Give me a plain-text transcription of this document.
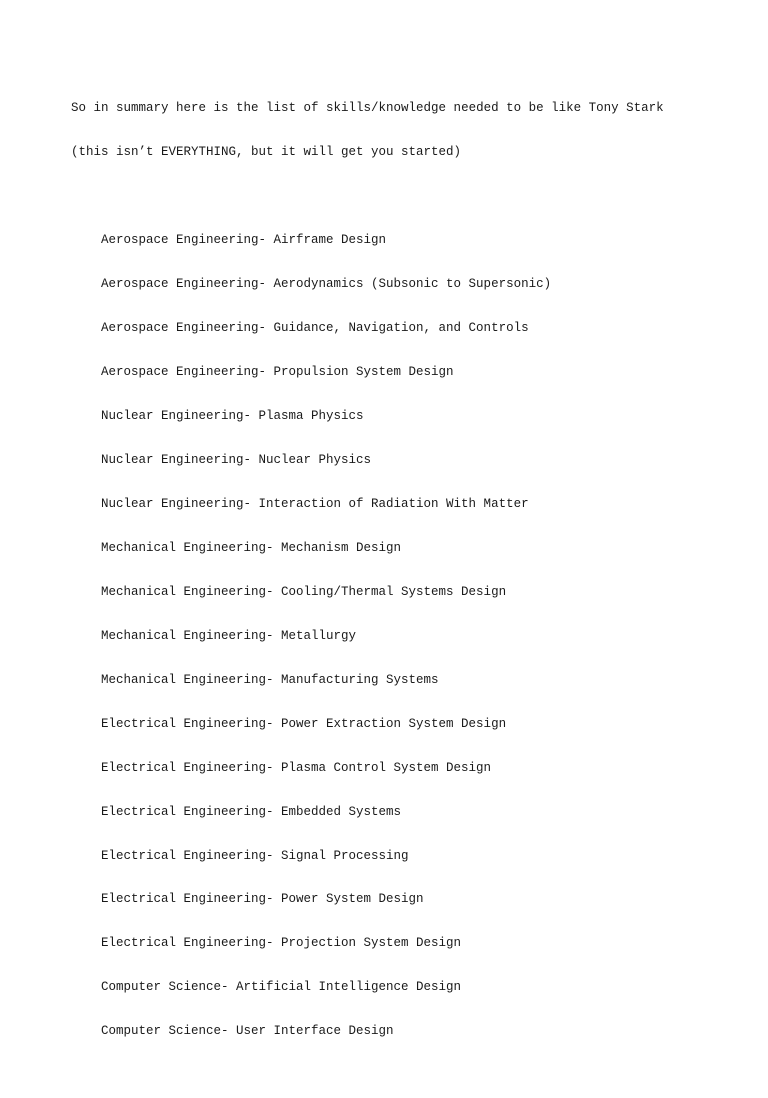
So in summary here is the list of skills/knowledge needed to be like Tony Stark

(this isn’t EVERYTHING, but it will get you started)

Aerospace Engineering- Airframe Design

Aerospace Engineering- Aerodynamics (Subsonic to Supersonic)

Aerospace Engineering- Guidance, Navigation, and Controls

Aerospace Engineering- Propulsion System Design

Nuclear Engineering- Plasma Physics

Nuclear Engineering- Nuclear Physics

Nuclear Engineering- Interaction of Radiation With Matter

Mechanical Engineering- Mechanism Design

Mechanical Engineering- Cooling/Thermal Systems Design

Mechanical Engineering- Metallurgy

Mechanical Engineering- Manufacturing Systems

Electrical Engineering- Power Extraction System Design

Electrical Engineering- Plasma Control System Design

Electrical Engineering- Embedded Systems

Electrical Engineering- Signal Processing

Electrical Engineering- Power System Design

Electrical Engineering- Projection System Design

Computer Science- Artificial Intelligence Design

Computer Science- User Interface Design
